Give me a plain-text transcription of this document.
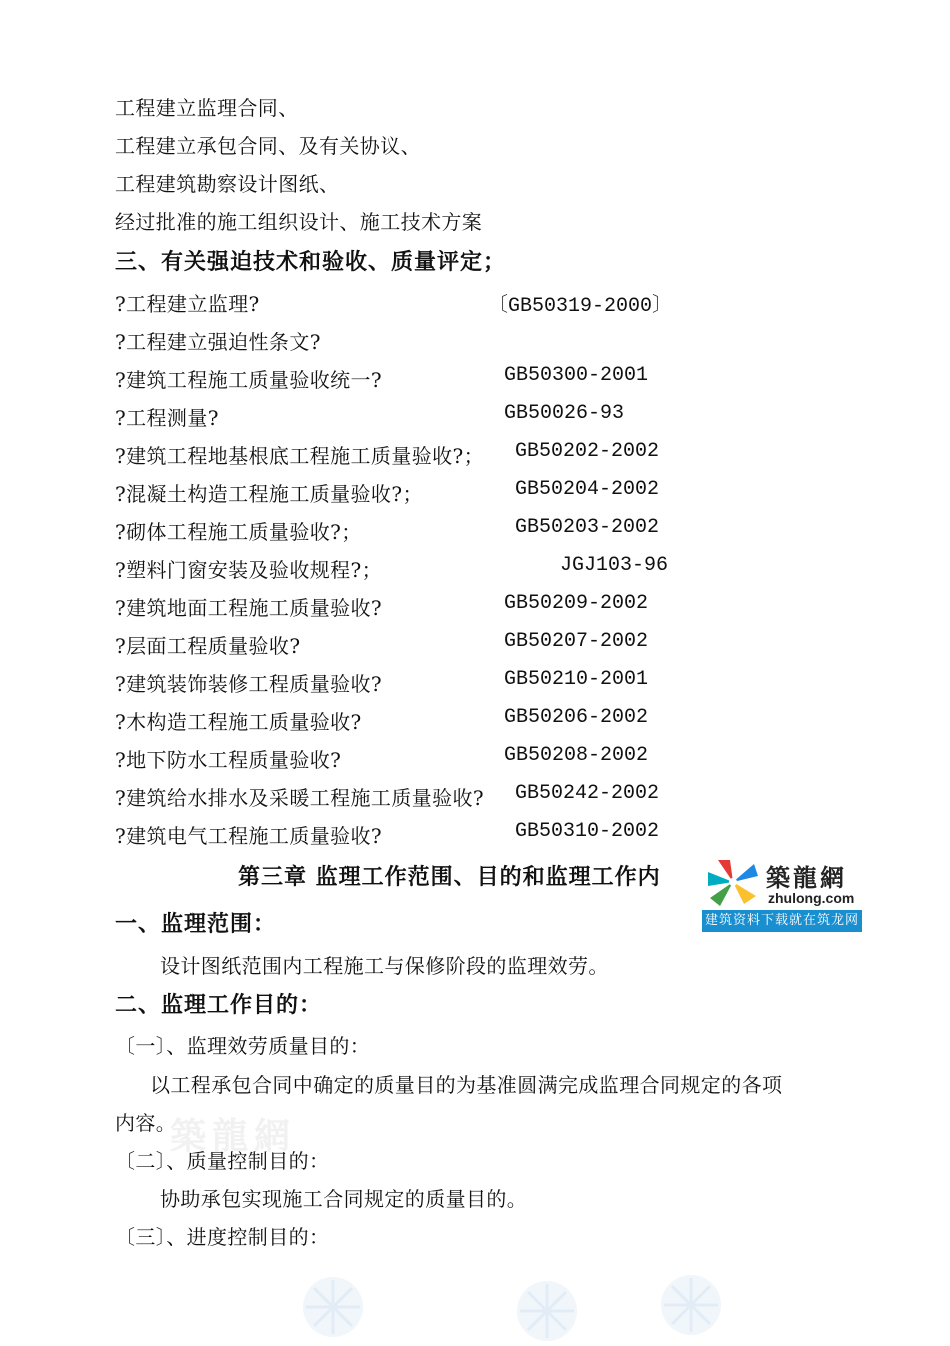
工程建立监理合同、
工程建立承包合同、及有关协议、
工程建筑勘察设计图纸、
经过批准的施工组织设计、施工技术方案
三、有关强迫技术和验收、质量评定；
?工程建立监理?	〔GB50319-2000〕
?工程建立强迫性条文?
?建筑工程施工质量验收统一?	GB50300-2001
?工程测量?	GB50026-93
?建筑工程地基根底工程施工质量验收?； GB50202-2002
?混凝土构造工程施工质量验收?；	GB50204-2002
?砌体工程施工质量验收?；	GB50203-2002
?塑料门窗安装及验收规程?；	JGJ103-96
?建筑地面工程施工质量验收?	GB50209-2002
?层面工程质量验收?	GB50207-2002
?建筑装饰装修工程质量验收?	GB50210-2001
?木构造工程施工质量验收?	GB50206-2002
?地下防水工程质量验收?	GB50208-2002
?建筑给水排水及采暖工程施工质量验收? GB50242-2002
?建筑电气工程施工质量验收?	GB50310-2002
第三章 监理工作范围、目的和监理工作内	築龍網
zhulong.com
建筑资料下载就在筑龙网
一、监理范围：
设计图纸范围内工程施工与保修阶段的监理效劳。
二、监理工作目的：
〔一〕、监理效劳质量目的：
以工程承包合同中确定的质量目的为基准圆满完成监理合同规定的各项
内容。
築龍網
〔二〕、质量控制目的：
协助承包实现施工合同规定的质量目的。
〔三〕、进度控制目的：
